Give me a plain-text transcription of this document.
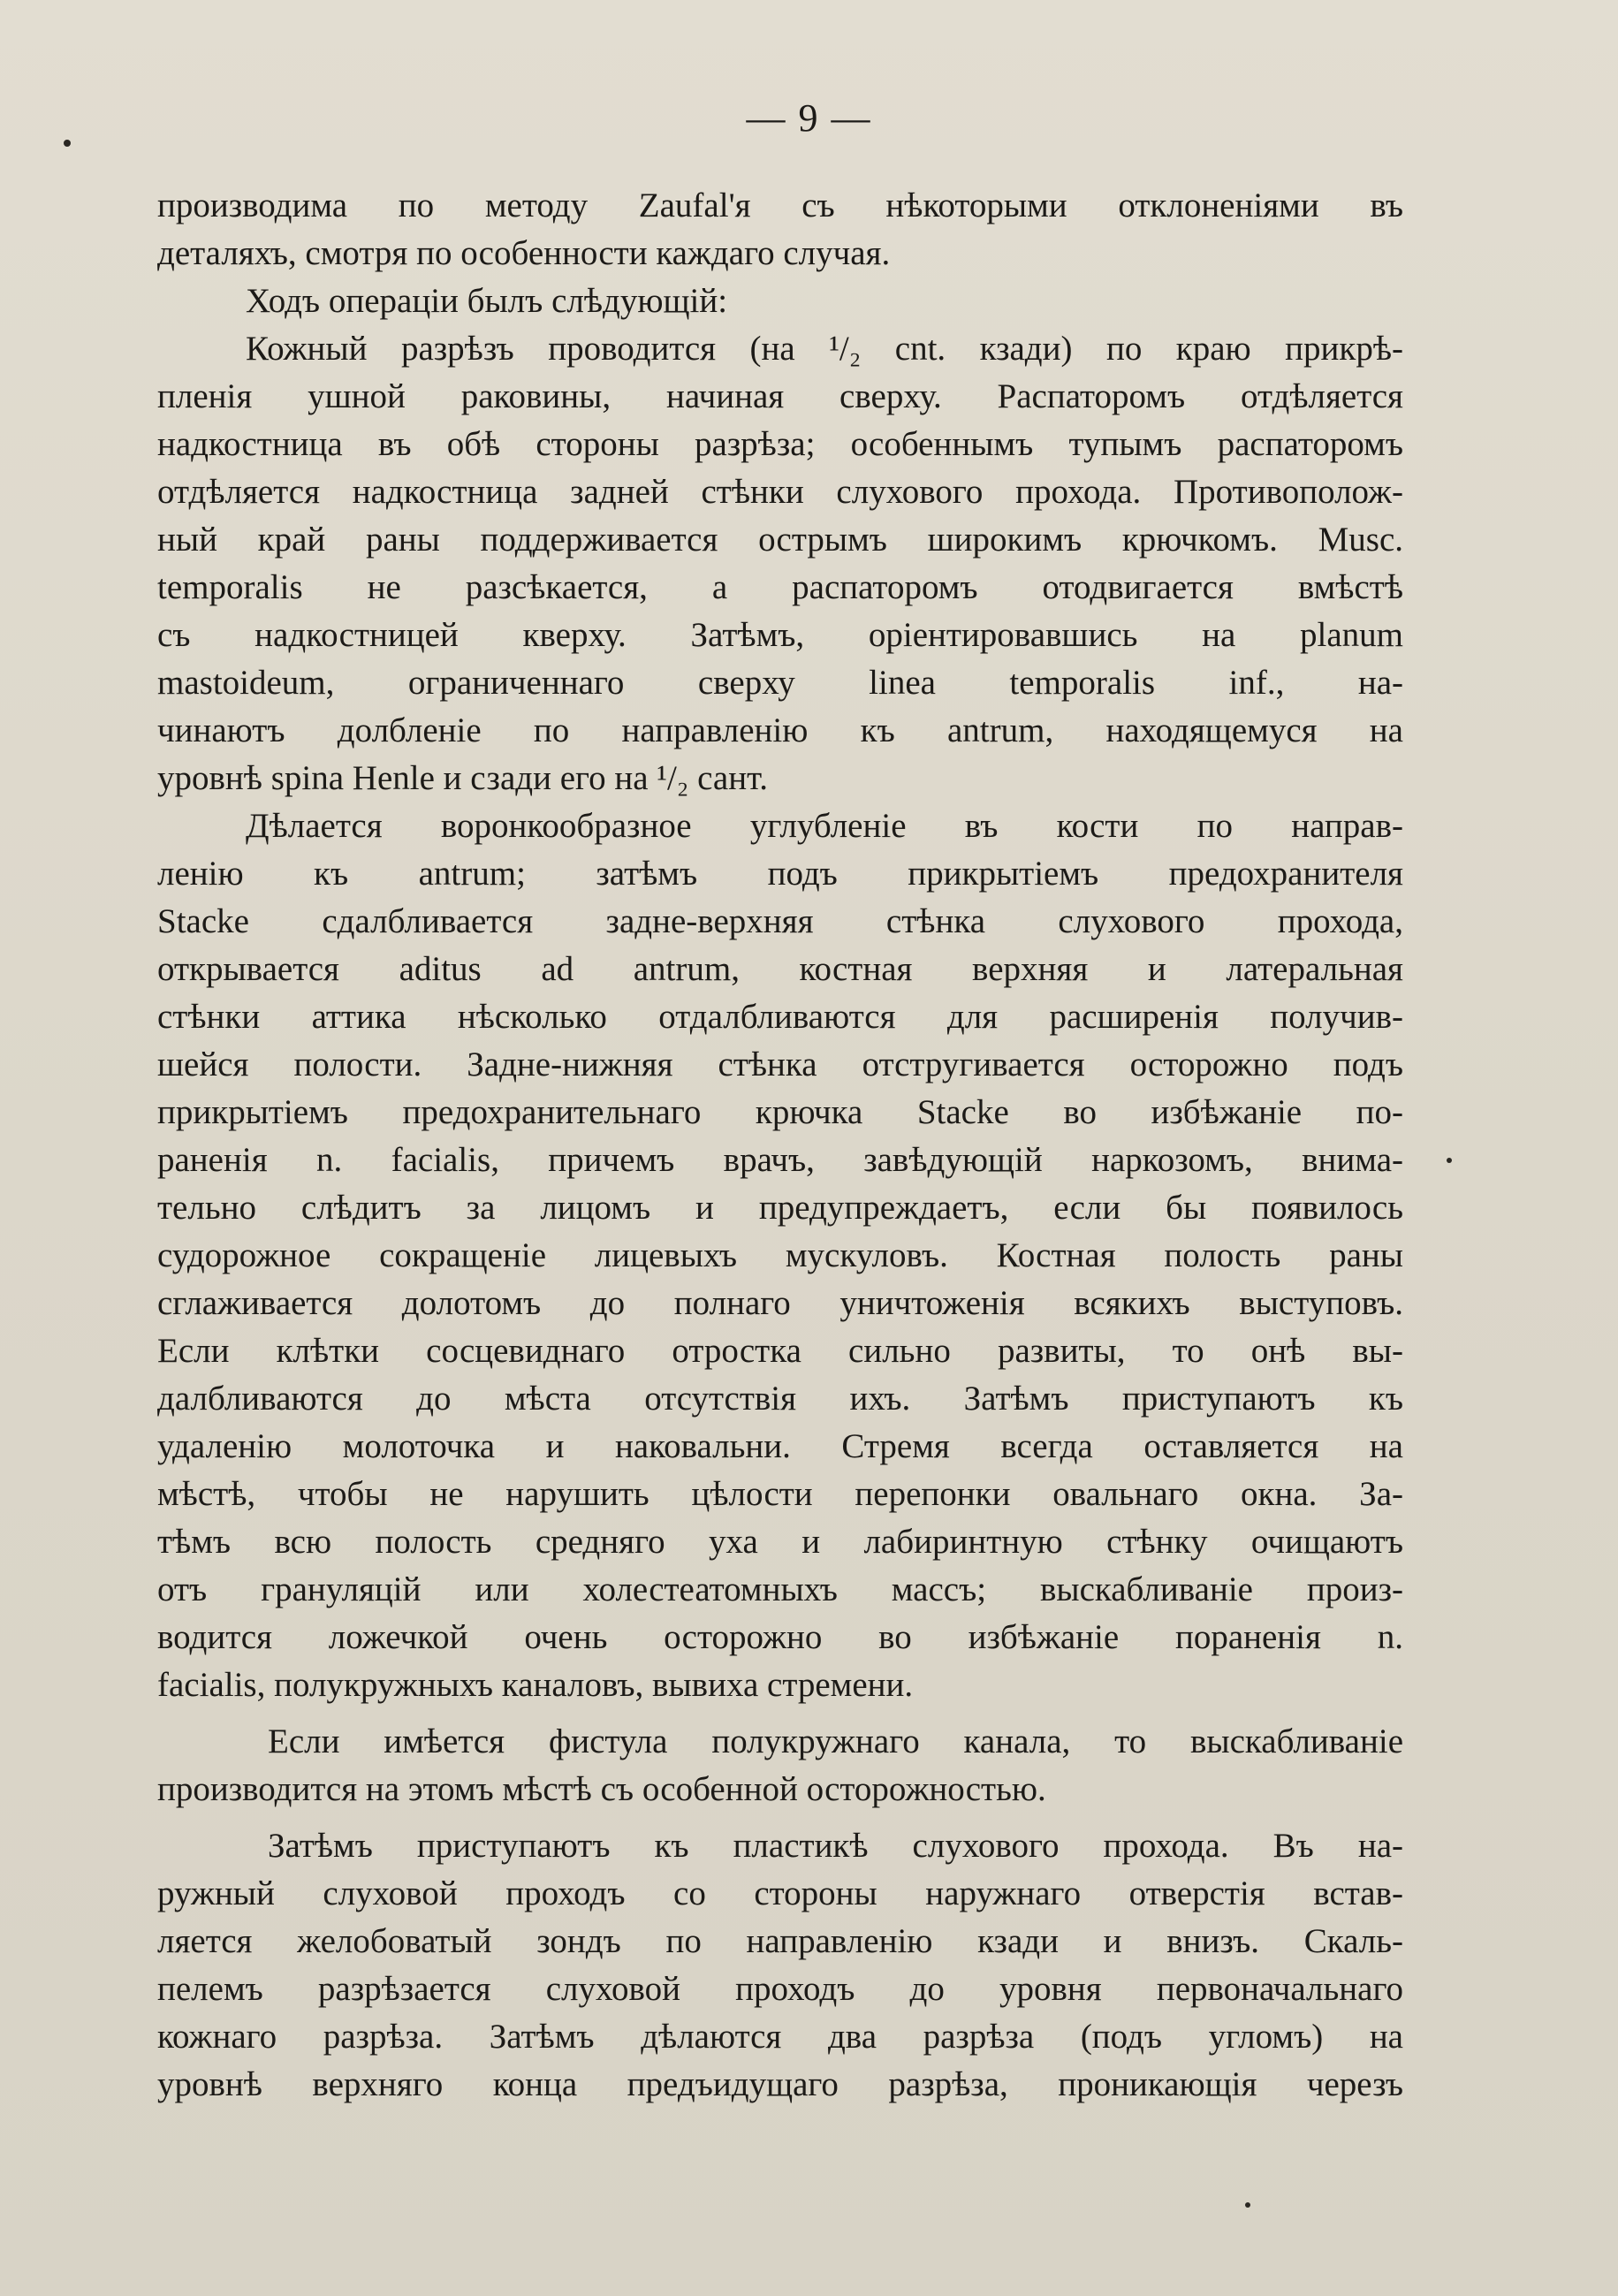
— 9 —
производима по методу Zaufal'я съ нѣкоторыми отклоненіями въ
деталяхъ, смотря по особенности каждаго случая.
Ходъ операціи былъ слѣдующій:
Кожный разрѣзъ проводится (на ¹/₂ cnt. кзади) по краю прикрѣ-
пленія ушной раковины, начиная сверху. Распаторомъ отдѣляется
надкостница въ обѣ стороны разрѣза; особеннымъ тупымъ распаторомъ
отдѣляется надкостница задней стѣнки слухового прохода. Противополож-
ный край раны поддерживается острымъ широкимъ крючкомъ. Musc.
temporalis не разсѣкается, а распаторомъ отодвигается вмѣстѣ
съ надкостницей кверху. Затѣмъ, оріентировавшись на planum
mastoideum, ограниченнаго сверху linea temporalis inf., на-
чинаютъ долбленіе по направленію къ antrum, находящемуся на
уровнѣ spina Henle и сзади его на ¹/₂ сант.
Дѣлается воронкообразное углубленіе въ кости по направ-
ленію къ antrum; затѣмъ подъ прикрытіемъ предохранителя
Stacke сдалбливается задне-верхняя стѣнка слухового прохода,
открывается aditus ad antrum, костная верхняя и латеральная
стѣнки аттика нѣсколько отдалбливаются для расширенія получив-
шейся полости. Задне-нижняя стѣнка отстругивается осторожно подъ
прикрытіемъ предохранительнаго крючка Stacke во избѣжаніе по-
раненія n. facialis, причемъ врачъ, завѣдующій наркозомъ, внима-
тельно слѣдитъ за лицомъ и предупреждаетъ, если бы появилось
судорожное сокращеніе лицевыхъ мускуловъ. Костная полость раны
сглаживается долотомъ до полнаго уничтоженія всякихъ выступовъ.
Если клѣтки сосцевиднаго отростка сильно развиты, то онѣ вы-
далбливаются до мѣста отсутствія ихъ. Затѣмъ приступаютъ къ
удаленію молоточка и наковальни. Стремя всегда оставляется на
мѣстѣ, чтобы не нарушить цѣлости перепонки овальнаго окна. За-
тѣмъ всю полость средняго уха и лабиринтную стѣнку очищаютъ
отъ грануляцій или холестеатомныхъ массъ; выскабливаніе произ-
водится ложечкой очень осторожно во избѣжаніе пораненія n.
facialis, полукружныхъ каналовъ, вывиха стремени.
Если имѣется фистула полукружнаго канала, то выскабливаніе
производится на этомъ мѣстѣ съ особенной осторожностью.
Затѣмъ приступаютъ къ пластикѣ слухового прохода. Въ на-
ружный слуховой проходъ со стороны наружнаго отверстія встав-
ляется желобоватый зондъ по направленію кзади и внизъ. Скаль-
пелемъ разрѣзается слуховой проходъ до уровня первоначальнаго
кожнаго разрѣза. Затѣмъ дѣлаются два разрѣза (подъ угломъ) на
уровнѣ верхняго конца предъидущаго разрѣза, проникающія черезъ
